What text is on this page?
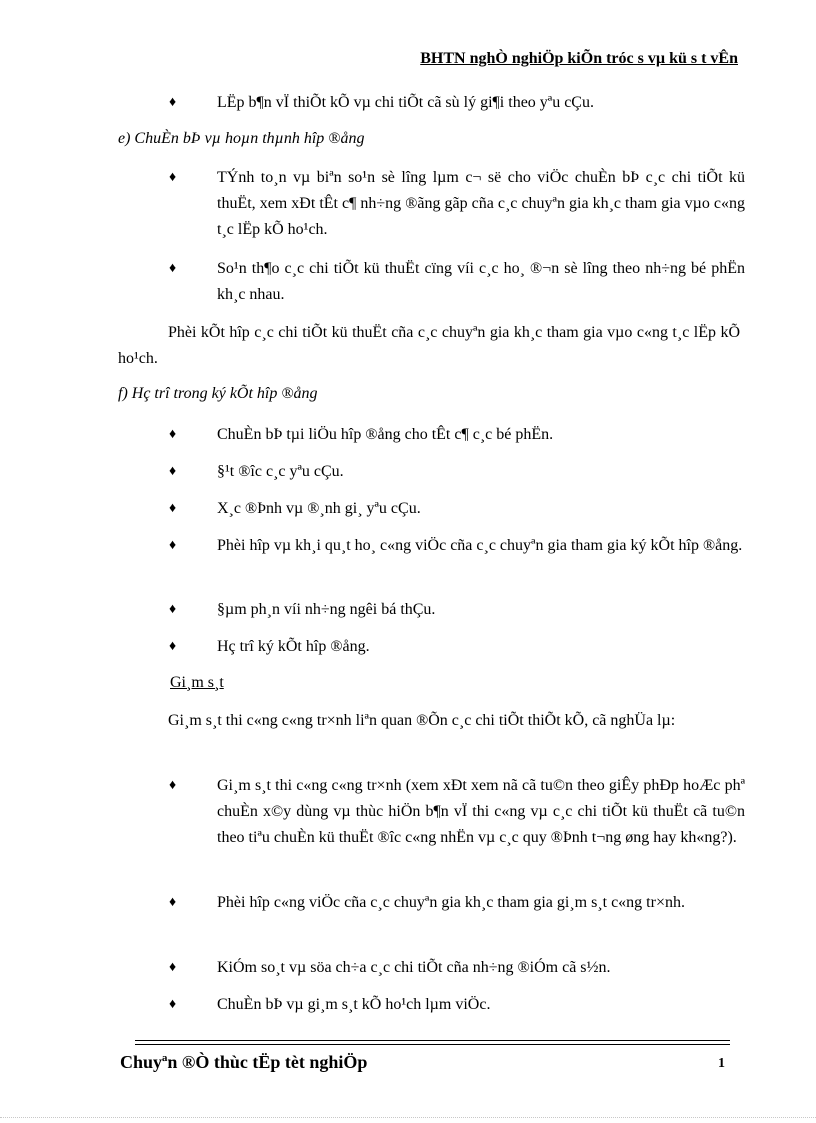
BHTN nghÒ nghiÖp kiÕn tróc s vµ kü s t vÊn
♦	LËp b¶n vÏ thiÕt kÕ vµ chi tiÕt cã sù lý gi¶i theo yªu cÇu.
e) ChuÈn bÞ vµ hoµn thµnh hîp ®ång
♦	TÝnh to¸n vµ biªn so¹n sè lîng lµm c¬ së cho viÖc chuÈn bÞ c¸c chi tiÕt kü thuËt, xem xÐt tÊt c¶ nh÷ng ®ãng gãp cña c¸c chuyªn gia kh¸c tham gia vµo c«ng t¸c lËp kÕ ho¹ch.
♦	So¹n th¶o c¸c chi tiÕt kü thuËt cïng víi c¸c ho¸ ®¬n sè lîng theo nh÷ng bé phËn kh¸c nhau.
Phèi kÕt hîp c¸c chi tiÕt kü thuËt cña c¸c chuyªn gia kh¸c tham gia vµo c«ng t¸c lËp kÕ ho¹ch.
f) Hç trî trong ký kÕt hîp ®ång
♦	ChuÈn bÞ tµi liÖu hîp ®ång cho tÊt c¶ c¸c bé phËn.
♦	§¹t ®îc c¸c yªu cÇu.
♦	X¸c ®Þnh vµ ®¸nh gi¸ yªu cÇu.
♦	Phèi hîp vµ kh¸i qu¸t ho¸ c«ng viÖc cña c¸c chuyªn gia tham gia ký kÕt hîp ®ång.
♦	§µm ph¸n víi nh÷ng ngêi bá thÇu.
♦	Hç trî ký kÕt hîp ®ång.
Gi¸m s¸t
Gi¸m s¸t thi c«ng c«ng tr×nh liªn quan ®Õn c¸c chi tiÕt thiÕt kÕ, cã nghÜa lµ:
♦	Gi¸m s¸t thi c«ng c«ng tr×nh (xem xÐt xem nã cã tu©n theo giÊy phÐp hoÆc phª chuÈn x©y dùng vµ thùc hiÖn b¶n vÏ thi c«ng vµ c¸c chi tiÕt kü thuËt cã tu©n theo tiªu chuÈn kü thuËt ®îc c«ng nhËn vµ c¸c quy ®Þnh t¬ng øng hay kh«ng?).
♦	Phèi hîp c«ng viÖc cña c¸c chuyªn gia kh¸c tham gia gi¸m s¸t c«ng tr×nh.
♦	KiÓm so¸t vµ söa ch÷a c¸c chi tiÕt cña nh÷ng ®iÓm cã s½n.
♦	ChuÈn bÞ vµ gi¸m s¸t kÕ ho¹ch lµm viÖc.
Chuyªn ®Ò thùc tËp tèt nghiÖp	1
